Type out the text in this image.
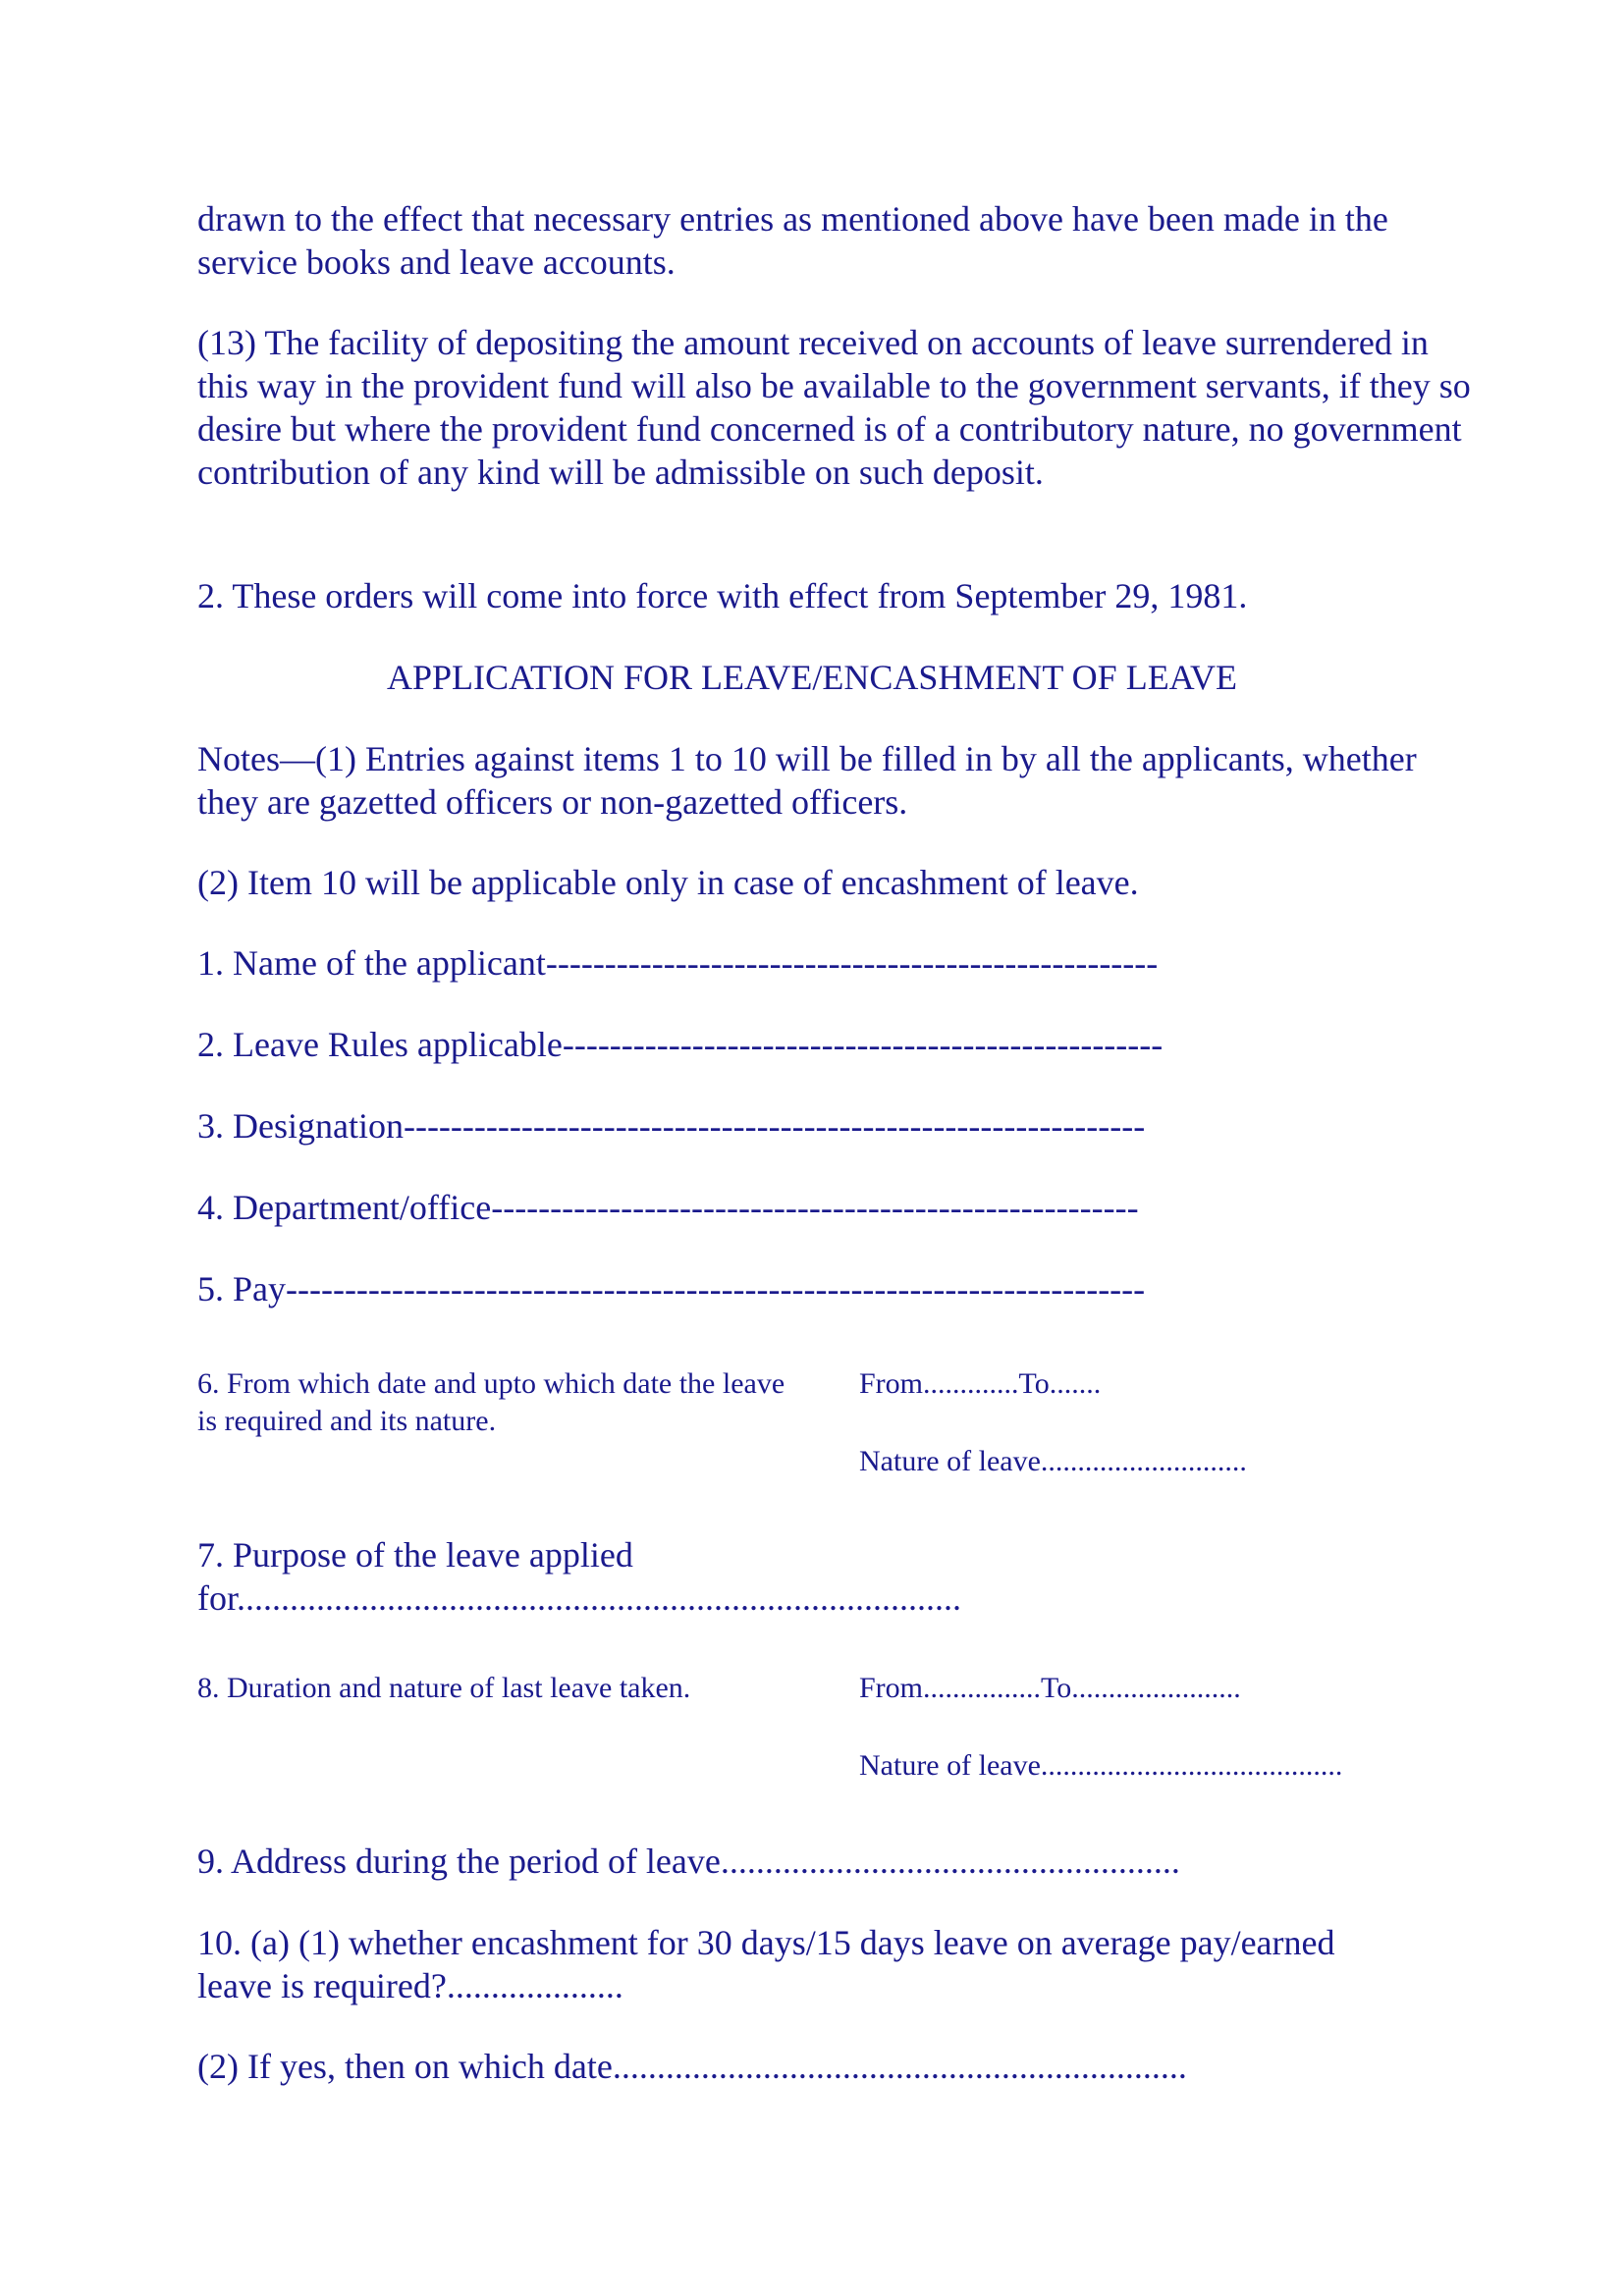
drawn to the effect that necessary entries as mentioned above have been made in the service books and leave accounts.

(13) The facility of depositing the amount received on accounts of leave surrendered in this way in the provident fund will also be available to the government servants, if they so desire but where the provident fund concerned is of a contributory nature, no government contribution of any kind will be admissible on such deposit.

2. These orders will come into force with effect from September 29, 1981.

APPLICATION FOR LEAVE/ENCASHMENT OF LEAVE

Notes—(1) Entries against items 1 to 10 will be filled in by all the applicants, whether they are gazetted officers or non-gazetted officers.

(2) Item 10 will be applicable only in case of encashment of leave.

1. Name of the applicant----------------------------------------------------
2. Leave Rules applicable---------------------------------------------------
3. Designation---------------------------------------------------------------
4. Department/office-------------------------------------------------------
5. Pay-------------------------------------------------------------------------

6. From which date and upto which date the leave is required and its nature.

From.............To.......
Nature of leave............................
7. Purpose of the leave applied
for..................................................................................
8. Duration and nature of last leave taken.	From................To.......................
Nature of leave.........................................
9. Address during the period of leave....................................................
10. (a) (1) whether encashment for 30 days/15 days leave on average pay/earned
leave is required?....................
(2) If yes, then on which date.................................................................
